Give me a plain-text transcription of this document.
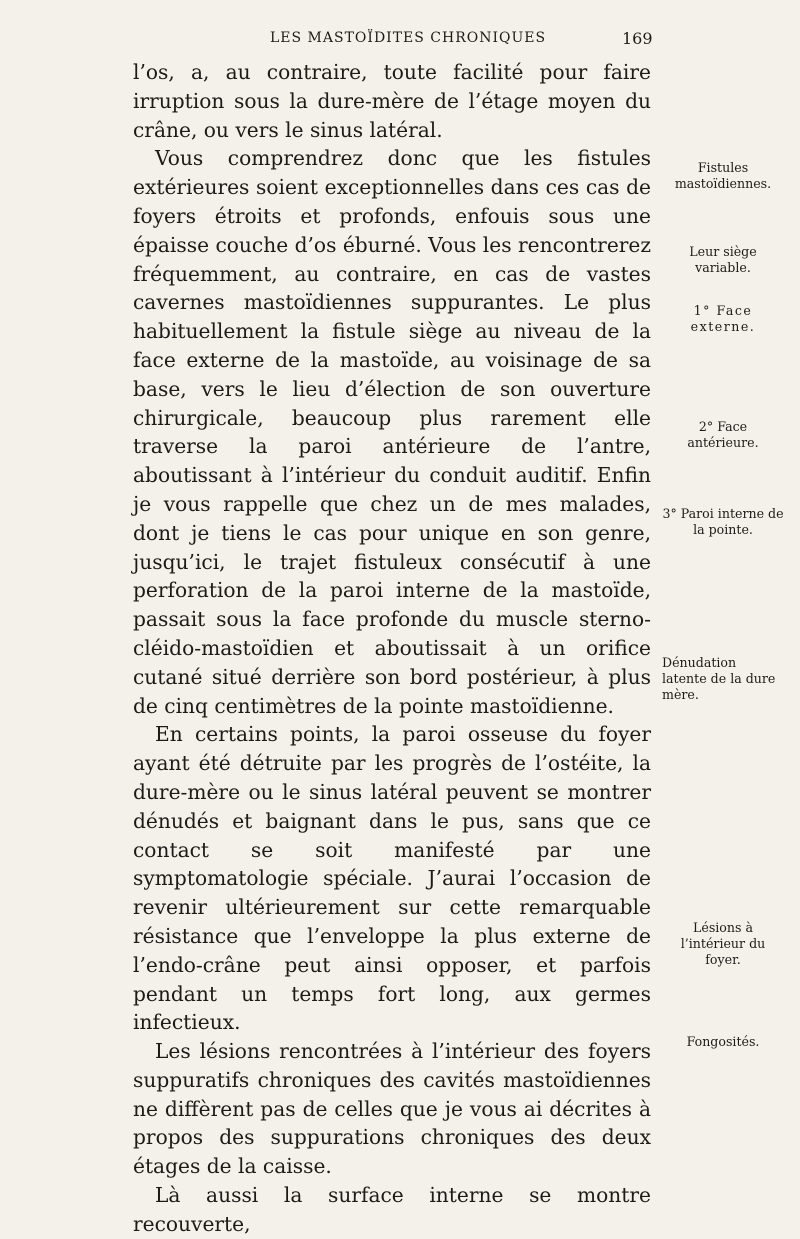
LES MASTOÏDITES CHRONIQUES	169

l’os, a, au contraire, toute facilité pour faire irruption sous la dure-mère de l’étage moyen du crâne, ou vers le sinus latéral.

Vous comprendrez donc que les fistules extérieures soient exceptionnelles dans ces cas de foyers étroits et profonds, enfouis sous une épaisse couche d’os éburné. Vous les rencontrerez fréquemment, au contraire, en cas de vastes cavernes mastoïdiennes suppurantes. Le plus habituellement la fistule siège au niveau de la face externe de la mastoïde, au voisinage de sa base, vers le lieu d’élection de son ouverture chirurgicale, beaucoup plus rarement elle traverse la paroi antérieure de l’antre, aboutissant à l’intérieur du conduit auditif. Enfin je vous rappelle que chez un de mes malades, dont je tiens le cas pour unique en son genre, jusqu’ici, le trajet fistuleux consécutif à une perforation de la paroi interne de la mastoïde, passait sous la face profonde du muscle sterno-cléido-mastoïdien et aboutissait à un orifice cutané situé derrière son bord postérieur, à plus de cinq centimètres de la pointe mastoïdienne.

En certains points, la paroi osseuse du foyer ayant été détruite par les progrès de l’ostéite, la dure-mère ou le sinus latéral peuvent se montrer dénudés et baignant dans le pus, sans que ce contact se soit manifesté par une symptomatologie spéciale. J’aurai l’occasion de revenir ultérieurement sur cette remarquable résistance que l’enveloppe la plus externe de l’endo-crâne peut ainsi opposer, et parfois pendant un temps fort long, aux germes infectieux.

Les lésions rencontrées à l’intérieur des foyers suppuratifs chroniques des cavités mastoïdiennes ne diffèrent pas de celles que je vous ai décrites à propos des suppurations chroniques des deux étages de la caisse.

Là aussi la surface interne se montre recouverte,

Fistules mastoïdiennes.
Leur siège variable.
1° Face externe.
2° Face antérieure.
3° Paroi interne de la pointe.
Dénudation latente de la dure mère.
Lésions à l’intérieur du foyer.
Fongosités.
